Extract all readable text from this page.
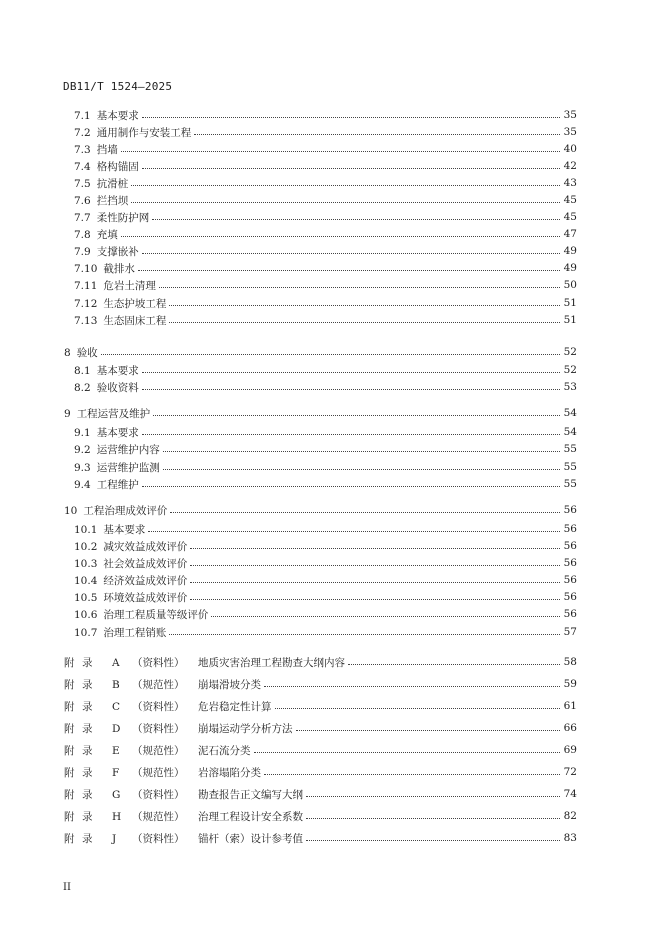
DB11/T 1524—2025
7.1 基本要求	35
7.2 通用制作与安装工程	35
7.3 挡墙	40
7.4 格构锚固	42
7.5 抗滑桩	43
7.6 拦挡坝	45
7.7 柔性防护网	45
7.8 充填	47
7.9 支撑嵌补	49
7.10 截排水	49
7.11 危岩土清理	50
7.12 生态护坡工程	51
7.13 生态固床工程	51
8 验收	52
8.1 基本要求	52
8.2 验收资料	53
9 工程运营及维护	54
9.1 基本要求	54
9.2 运营维护内容	55
9.3 运营维护监测	55
9.4 工程维护	55
10 工程治理成效评价	56
10.1 基本要求	56
10.2 减灾效益成效评价	56
10.3 社会效益成效评价	56
10.4 经济效益成效评价	56
10.5 环境效益成效评价	56
10.6 治理工程质量等级评价	56
10.7 治理工程销账	57
附 录 A （资料性） 地质灾害治理工程勘查大纲内容	58
附 录 B （规范性） 崩塌滑坡分类	59
附 录 C （资料性） 危岩稳定性计算	61
附 录 D （资料性） 崩塌运动学分析方法	66
附 录 E （规范性） 泥石流分类	69
附 录 F （规范性） 岩溶塌陷分类	72
附 录 G （资料性） 勘查报告正文编写大纲	74
附 录 H （规范性） 治理工程设计安全系数	82
附 录 J （资料性） 锚杆（索）设计参考值	83
II
